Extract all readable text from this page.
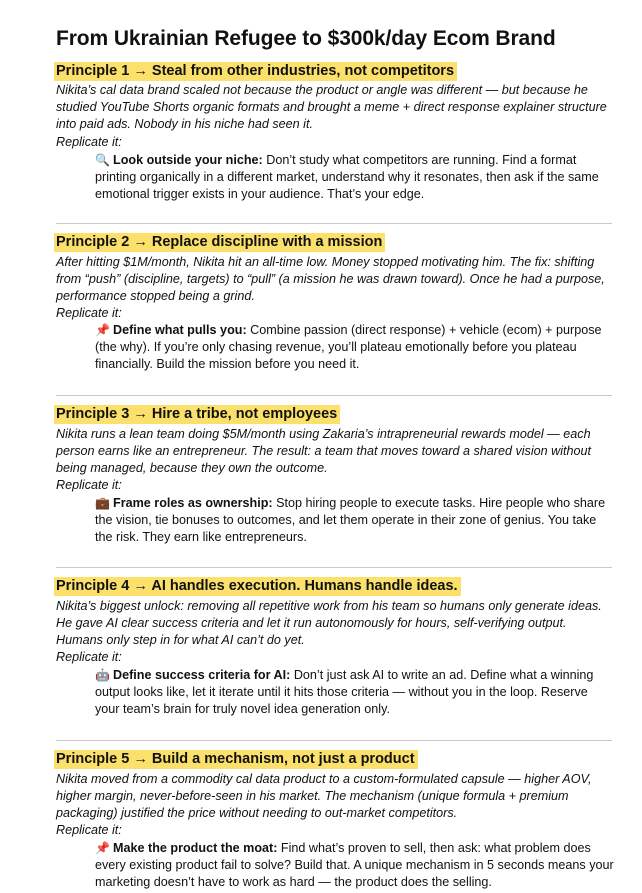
From Ukrainian Refugee to $300k/day Ecom Brand
Principle 1 → Steal from other industries, not competitors

Nikita’s cal data brand scaled not because the product or angle was different — but because he studied YouTube Shorts organic formats and brought a meme + direct response explainer structure into paid ads. Nobody in his niche had seen it.

Replicate it:

🔍 Look outside your niche: Don’t study what competitors are running. Find a format printing organically in a different market, understand why it resonates, then ask if the same emotional trigger exists in your audience. That’s your edge.

Principle 2 → Replace discipline with a mission

After hitting $1M/month, Nikita hit an all-time low. Money stopped motivating him. The fix: shifting from “push” (discipline, targets) to “pull” (a mission he was drawn toward). Once he had a purpose, performance stopped being a grind.

Replicate it:

📌 Define what pulls you: Combine passion (direct response) + vehicle (ecom) + purpose (the why). If you’re only chasing revenue, you’ll plateau emotionally before you plateau financially. Build the mission before you need it.

Principle 3 → Hire a tribe, not employees

Nikita runs a lean team doing $5M/month using Zakaria’s intrapreneurial rewards model — each person earns like an entrepreneur. The result: a team that moves toward a shared vision without being managed, because they own the outcome.

Replicate it:

💼 Frame roles as ownership: Stop hiring people to execute tasks. Hire people who share the vision, tie bonuses to outcomes, and let them operate in their zone of genius. You take the risk. They earn like entrepreneurs.

Principle 4 → AI handles execution. Humans handle ideas.

Nikita’s biggest unlock: removing all repetitive work from his team so humans only generate ideas. He gave AI clear success criteria and let it run autonomously for hours, self-verifying output. Humans only step in for what AI can’t do yet.

Replicate it:

🤖 Define success criteria for AI: Don’t just ask AI to write an ad. Define what a winning output looks like, let it iterate until it hits those criteria — without you in the loop. Reserve your team’s brain for truly novel idea generation only.

Principle 5 → Build a mechanism, not just a product

Nikita moved from a commodity cal data product to a custom-formulated capsule — higher AOV, higher margin, never-before-seen in his market. The mechanism (unique formula + premium packaging) justified the price without needing to out-market competitors.

Replicate it:

📌 Make the product the moat: Find what’s proven to sell, then ask: what problem does every existing product fail to solve? Build that. A unique mechanism in 5 seconds means your marketing doesn’t have to work as hard — the product does the selling.
